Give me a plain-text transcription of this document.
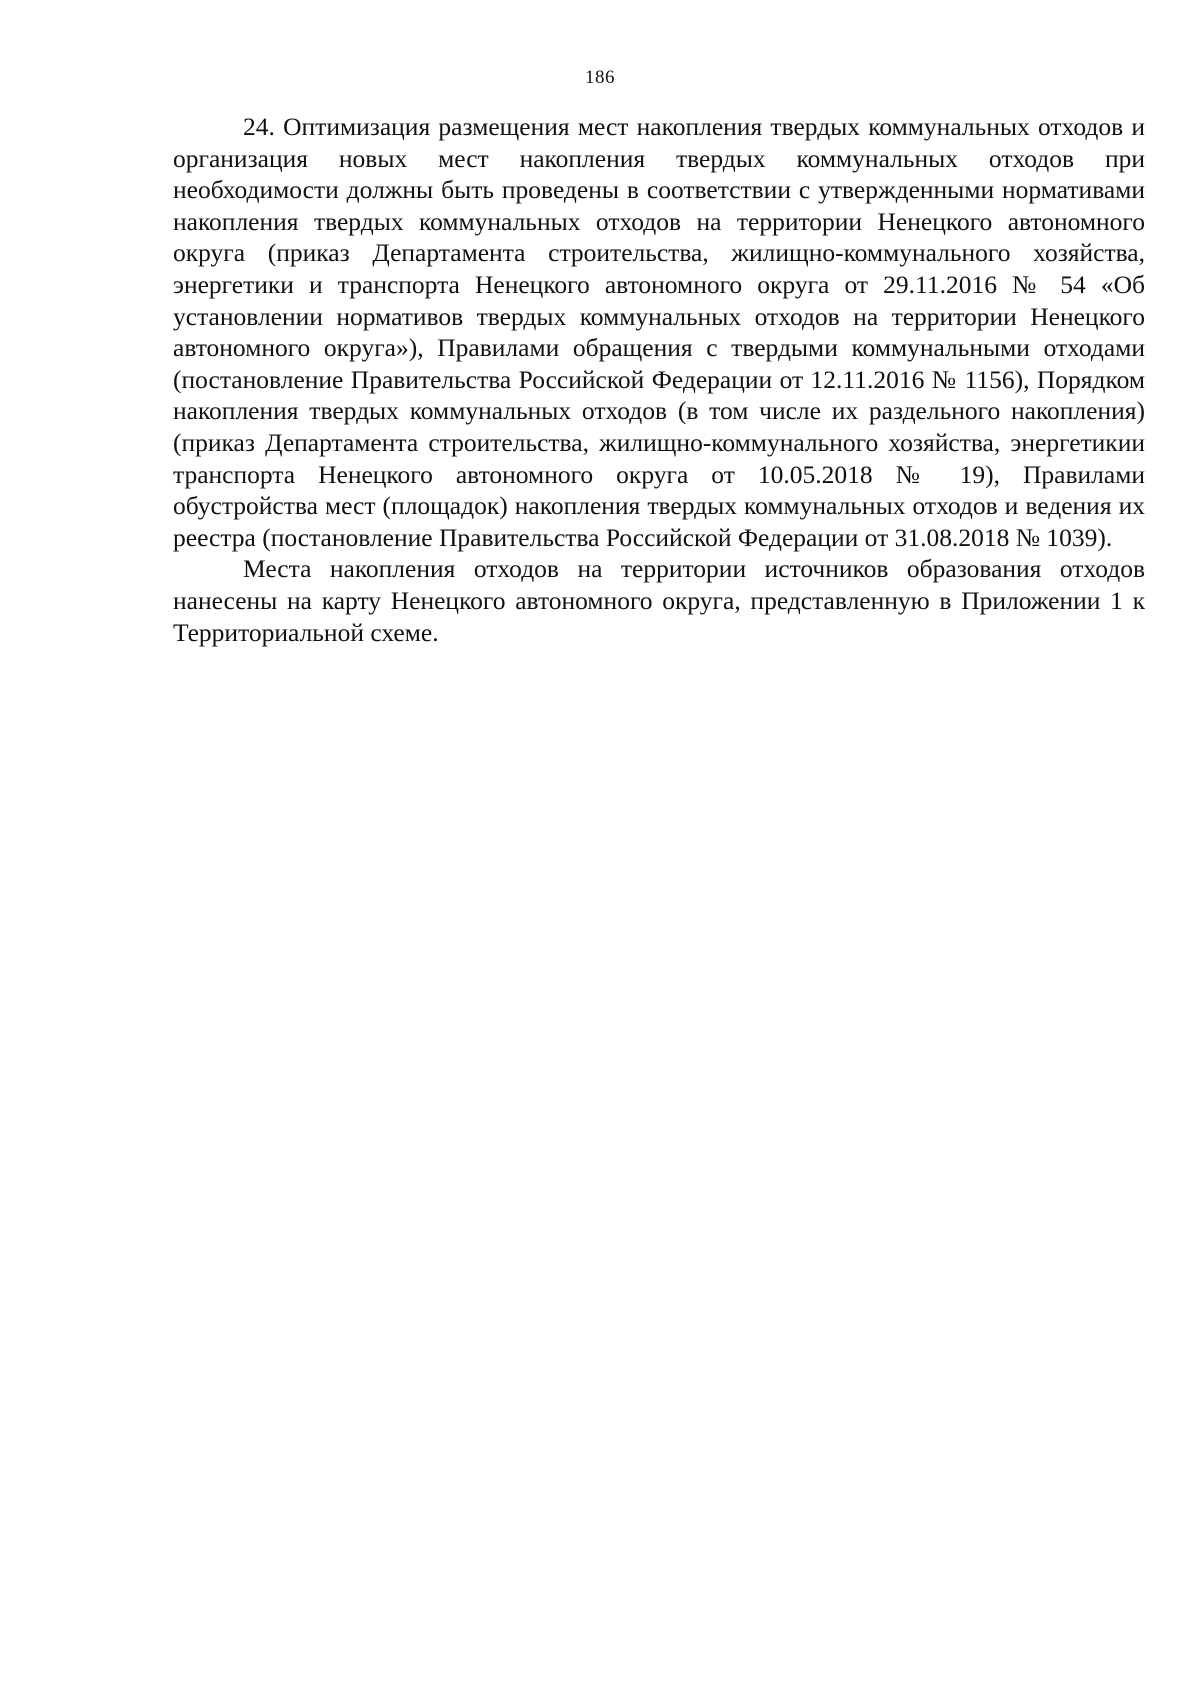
186

24. Оптимизация размещения мест накопления твердых коммунальных отходов и организация новых мест накопления твердых коммунальных отходов при необходимости должны быть проведены в соответствии с утвержденными нормативами накопления твердых коммунальных отходов на территории Ненецкого автономного округа (приказ Департамента строительства, жилищно-коммунального хозяйства, энергетики и транспорта Ненецкого автономного округа от 29.11.2016 № 54 «Об установлении нормативов твердых коммунальных отходов на территории Ненецкого автономного округа»), Правилами обращения с твердыми коммунальными отходами (постановление Правительства Российской Федерации от 12.11.2016 № 1156), Порядком накопления твердых коммунальных отходов (в том числе их раздельного накопления) (приказ Департамента строительства, жилищно-коммунального хозяйства, энергетикии транспорта Ненецкого автономного округа от 10.05.2018 № 19), Правилами обустройства мест (площадок) накопления твердых коммунальных отходов и ведения их реестра (постановление Правительства Российской Федерации от 31.08.2018 № 1039).

Места накопления отходов на территории источников образования отходов нанесены на карту Ненецкого автономного округа, представленную в Приложении 1 к Территориальной схеме.
